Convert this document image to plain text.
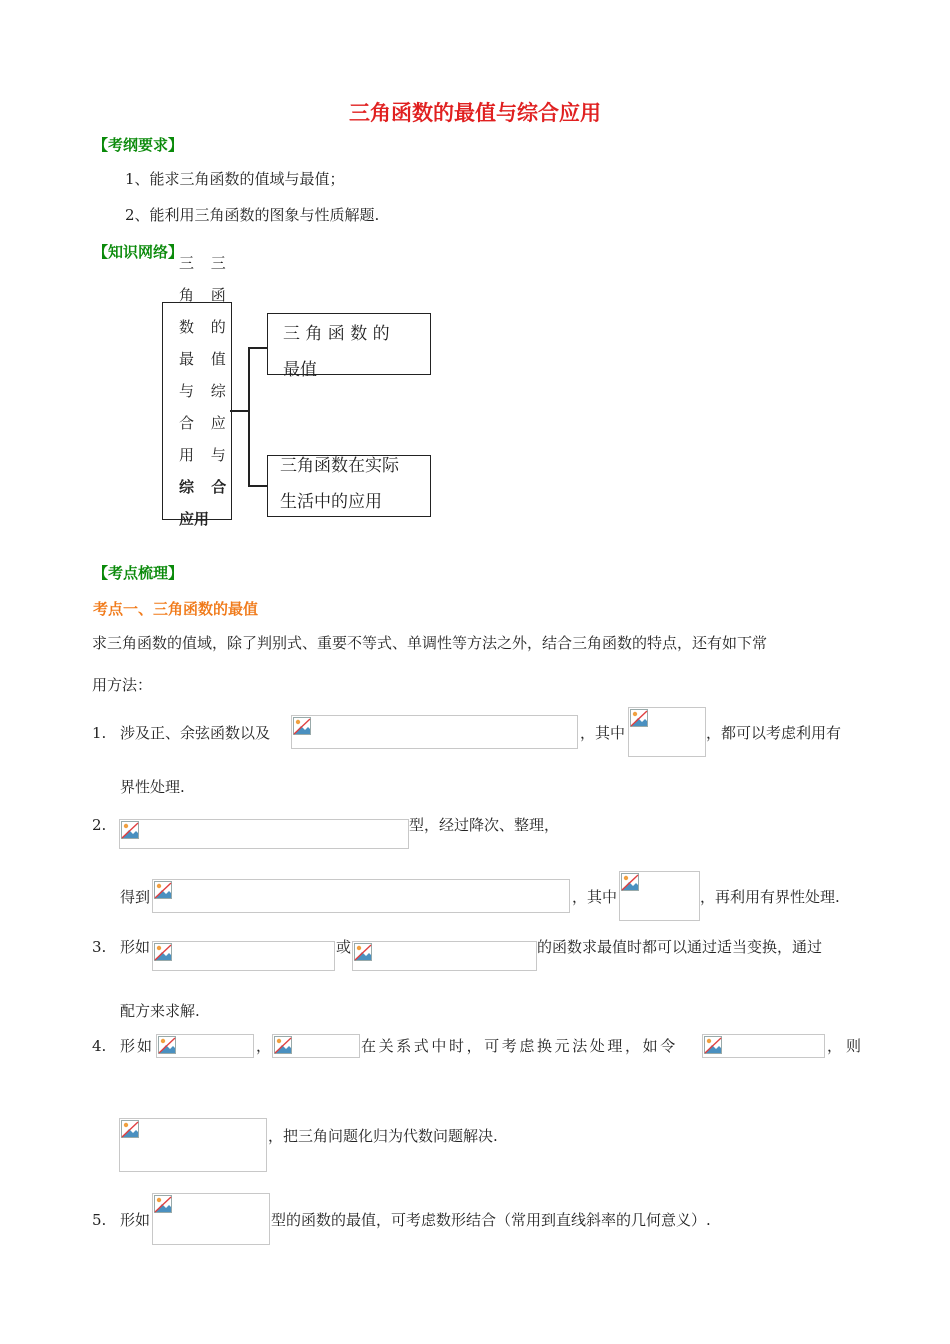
三角函数的最值与综合应用
【考纲要求】
1、能求三角函数的值域与最值；
2、能利用三角函数的图象与性质解题.
【知识网络】
三 三
角 函
数 的
最 值
与 综
合 应
用 与
综 合
应用
三 角 函 数 的
最值
三角函数在实际
生活中的应用
【考点梳理】
考点一、三角函数的最值
求三角函数的值域，除了判别式、重要不等式、单调性等方法之外，结合三角函数的特点，还有如下常
用方法：
1. 涉及正、余弦函数以及	，其中	，都可以考虑利用有
界性处理.
2.	型，经过降次、整理，
得到	，其中	，再利用有界性处理.
3. 形如	或	的函数求最值时都可以通过适当变换，通过
配方来求解.
4. 形如	，	在关系式中时，可考虑换元法处理，如令	，则
，把三角问题化归为代数问题解决.
5. 形如	型的函数的最值，可考虑数形结合（常用到直线斜率的几何意义）.
